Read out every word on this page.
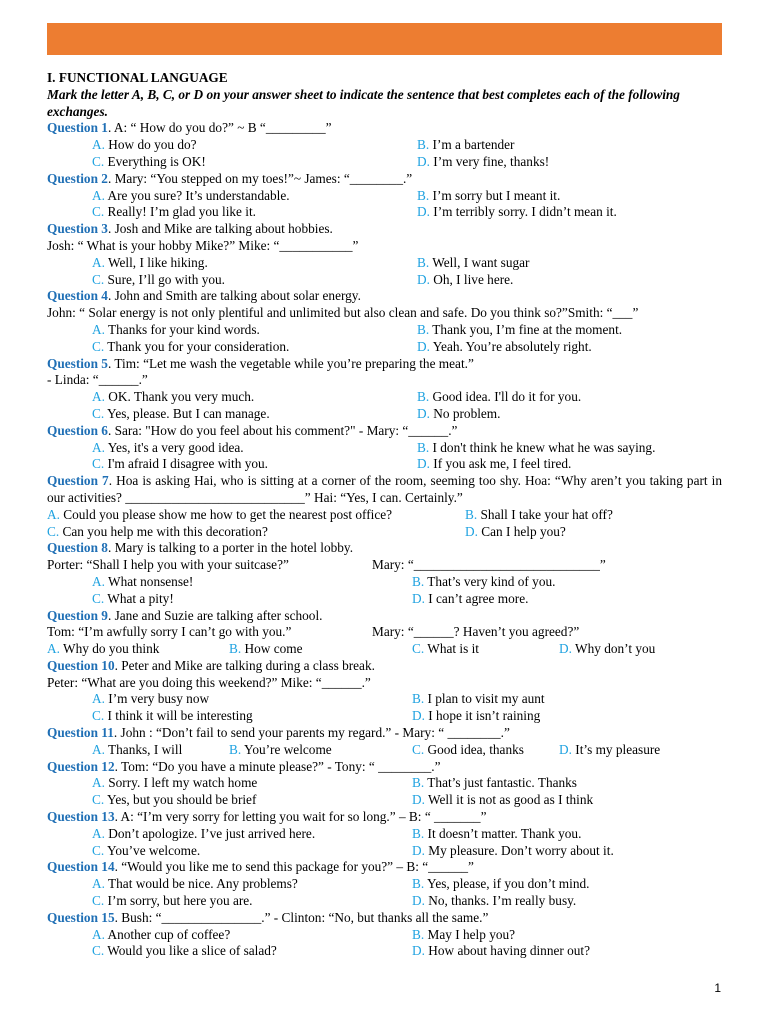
I. FUNCTIONAL LANGUAGE
Mark the letter A, B, C, or D on your answer sheet to indicate the sentence that best completes each of the following exchanges.
Question 1. A: “ How do you do?” ~ B “_________”
A. How do you do?	B. I’m a bartender
C. Everything is OK!	D. I’m very fine, thanks!
Question 2. Mary: “You stepped on my toes!”~ James: “________.”
A. Are you sure? It’s understandable.	B. I’m sorry but I meant it.
C. Really! I’m glad you like it.	D. I’m terribly sorry. I didn’t mean it.
Question 3. Josh and Mike are talking about hobbies.
Josh: “ What is your hobby Mike?” Mike: “___________”
A. Well, I like hiking.	B. Well, I want sugar
C. Sure, I’ll go with you.	D. Oh, I live here.
Question 4. John and Smith are talking about solar energy.
John: “ Solar energy is not only plentiful and unlimited but also clean and safe. Do you think so?”Smith: “___”
A. Thanks for your kind words.	B. Thank you, I’m fine at the moment.
C. Thank you for your consideration.	D. Yeah. You’re absolutely right.
Question 5. Tim: “Let me wash the vegetable while you’re preparing the meat.”
- Linda: “______.”
A. OK. Thank you very much.	B. Good idea. I'll do it for you.
C. Yes, please. But I can manage.	D. No problem.
Question 6. Sara: "How do you feel about his comment?" - Mary: “______.”
A. Yes, it's a very good idea.	B. I don't think he knew what he was saying.
C. I'm afraid I disagree with you.	D. If you ask me, I feel tired.
Question 7. Hoa is asking Hai, who is sitting at a corner of the room, seeming too shy. Hoa: “Why aren’t you taking part in our activities? ___________________________” Hai: “Yes, I can. Certainly.”
A. Could you please show me how to get the nearest post office?	B. Shall I take your hat off?
C. Can you help me with this decoration?	D. Can I help you?
Question 8. Mary is talking to a porter in the hotel lobby.
Porter: “Shall I help you with your suitcase?”	Mary: “____________________________”
A. What nonsense!	B. That’s very kind of you.
C. What a pity!	D. I can’t agree more.
Question 9. Jane and Suzie are talking after school.
Tom: “I’m awfully sorry I can’t go with you.”	Mary: “______? Haven’t you agreed?”
A. Why do you think	B. How come	C. What is it	D. Why don’t you
Question 10. Peter and Mike are talking during a class break.
Peter: “What are you doing this weekend?” Mike: “______.”
A. I’m very busy now	B. I plan to visit my aunt
C. I think it will be interesting	D. I hope it isn’t raining
Question 11. John : “Don’t fail to send your parents my regard.” - Mary: “ ________.”
A. Thanks, I will	B. You’re welcome	C. Good idea, thanks	D. It’s my pleasure
Question 12. Tom: “Do you have a minute please?” - Tony: “ ________.”
A. Sorry. I left my watch home	B. That’s just fantastic. Thanks
C. Yes, but you should be brief	D. Well it is not as good as I think
Question 13. A: “I’m very sorry for letting you wait for so long.” – B: “ _______”
A. Don’t apologize. I’ve just arrived here.	B. It doesn’t matter. Thank you.
C. You’ve welcome.	D. My pleasure. Don’t worry about it.
Question 14. “Would you like me to send this package for you?” – B: “______”
A. That would be nice. Any problems?	B. Yes, please, if you don’t mind.
C. I’m sorry, but here you are.	D. No, thanks. I’m really busy.
Question 15. Bush: “_______________.” - Clinton: “No, but thanks all the same.”
A. Another cup of coffee?	B. May I help you?
C. Would you like a slice of salad?	D. How about having dinner out?
1
